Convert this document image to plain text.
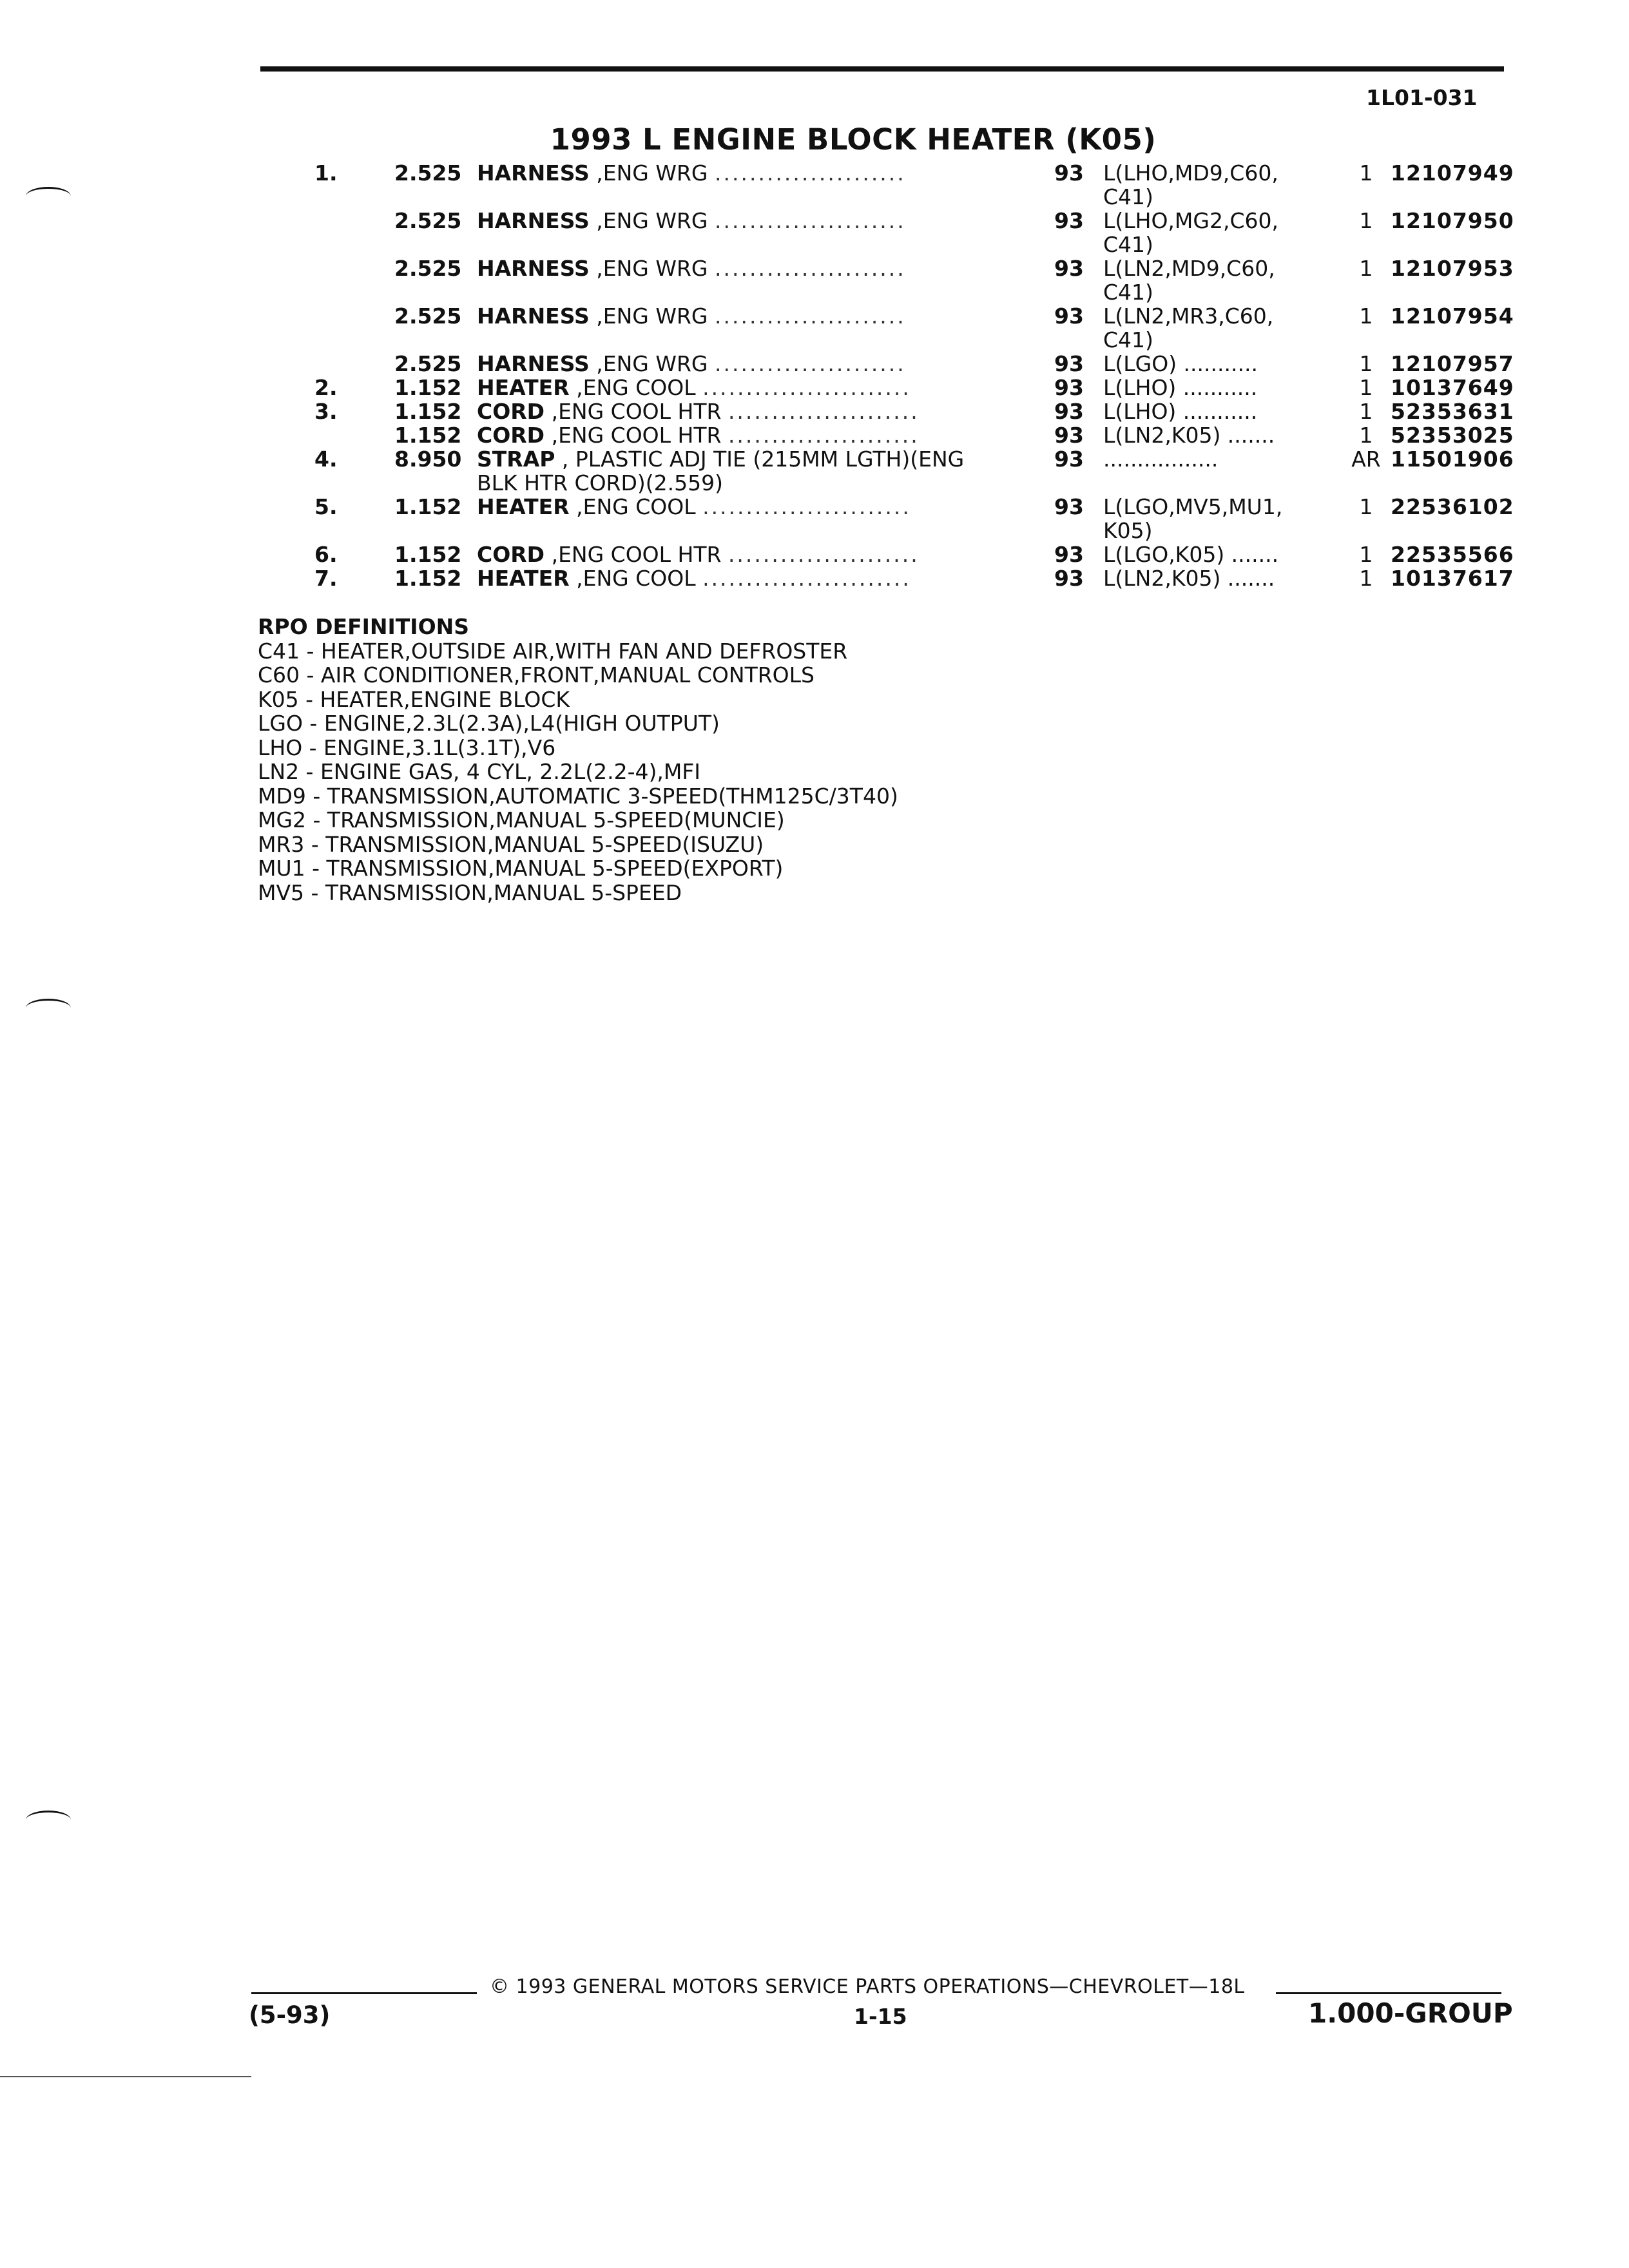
1L01-031
1993 L ENGINE BLOCK HEATER (K05)
1.	2.525 HARNESS ,ENG WRG ......................	93 L(LHO,MD9,C60,
C41)
1 12107949
2.525 HARNESS ,ENG WRG ......................	93 L(LHO,MG2,C60,
C41)
1 12107950
2.525 HARNESS ,ENG WRG ......................	93 L(LN2,MD9,C60,
C41)
1 12107953
2.525 HARNESS ,ENG WRG ......................	93 L(LN2,MR3,C60,
C41)
1 12107954
2.525 HARNESS ,ENG WRG ......................	93 L(LGO) ...........	1 12107957
2.	1.152 HEATER ,ENG COOL ........................	93 L(LHO) ...........	1 10137649
3.	1.152 CORD ,ENG COOL HTR ......................	93 L(LHO) ...........	1 52353631
1.152 CORD ,ENG COOL HTR ......................	93 L(LN2,K05) .......	1 52353025
4.	8.950 STRAP , PLASTIC ADJ TIE (215MM LGTH)(ENG
BLK HTR CORD)(2.559)
93 .................	AR 11501906
5.	1.152 HEATER ,ENG COOL ........................	93 L(LGO,MV5,MU1,
K05)
1 22536102
6.	1.152 CORD ,ENG COOL HTR ......................	93 L(LGO,K05) .......	1 22535566
7.	1.152 HEATER ,ENG COOL ........................	93 L(LN2,K05) .......	1 10137617
RPO DEFINITIONS
C41 - HEATER,OUTSIDE AIR,WITH FAN AND DEFROSTER
C60 - AIR CONDITIONER,FRONT,MANUAL CONTROLS
K05 - HEATER,ENGINE BLOCK
LGO - ENGINE,2.3L(2.3A),L4(HIGH OUTPUT)
LHO - ENGINE,3.1L(3.1T),V6
LN2 - ENGINE GAS, 4 CYL, 2.2L(2.2-4),MFI
MD9 - TRANSMISSION,AUTOMATIC 3-SPEED(THM125C/3T40)
MG2 - TRANSMISSION,MANUAL 5-SPEED(MUNCIE)
MR3 - TRANSMISSION,MANUAL 5-SPEED(ISUZU)
MU1 - TRANSMISSION,MANUAL 5-SPEED(EXPORT)
MV5 - TRANSMISSION,MANUAL 5-SPEED
© 1993 GENERAL MOTORS SERVICE PARTS OPERATIONS—CHEVROLET—18L
(5-93)	1-15	1.000-GROUP
